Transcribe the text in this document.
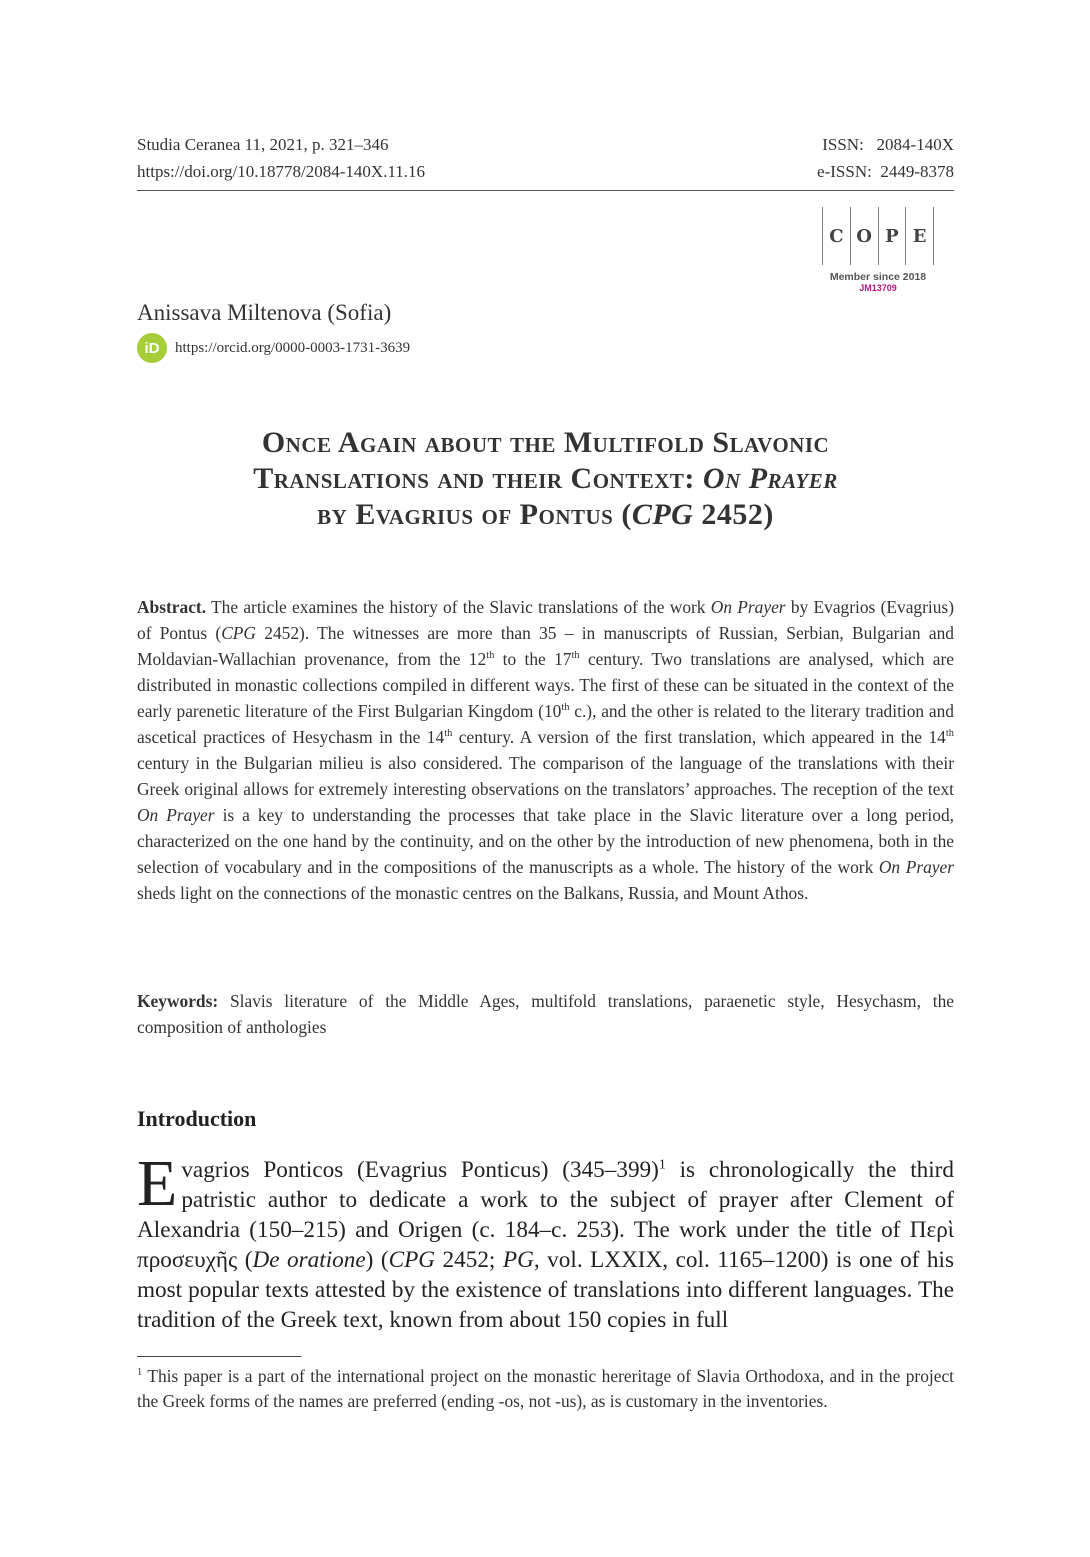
Studia Ceranea 11, 2021, p. 321–346
https://doi.org/10.18778/2084-140X.11.16
ISSN:   2084-140X
e-ISSN:  2449-8378
C O P E
Member since 2018
JM13709
Anissava Miltenova (Sofia)
iD	https://orcid.org/0000-0003-1731-3639
Once Again about the Multifold Slavonic
Translations and their Context: On Prayer
by Evagrius of Pontus (CPG 2452)
Abstract. The article examines the history of the Slavic translations of the work On Prayer by Evagrios (Evagrius) of Pontus (CPG 2452). The witnesses are more than 35 – in manuscripts of Russian, Serbian, Bulgarian and Moldavian-Wallachian provenance, from the 12th to the 17th century. Two translations are analysed, which are distributed in monastic collections compiled in different ways. The first of these can be situated in the context of the early parenetic literature of the First Bulgarian Kingdom (10th c.), and the other is related to the literary tradition and ascetical practices of Hesychasm in the 14th century. A version of the first translation, which appeared in the 14th century in the Bulgarian milieu is also considered. The comparison of the language of the translations with their Greek original allows for extremely interesting observations on the translators’ approaches. The reception of the text On Prayer is a key to understanding the processes that take place in the Slavic literature over a long period, characterized on the one hand by the continuity, and on the other by the introduction of new phenomena, both in the selection of vocabulary and in the compositions of the manuscripts as a whole. The history of the work On Prayer sheds light on the connections of the monastic centres on the Balkans, Russia, and Mount Athos.
Keywords: Slavis literature of the Middle Ages, multifold translations, paraenetic style, Hesychasm, the composition of anthologies
Introduction
Evagrios Ponticos (Evagrius Ponticus) $(345-399)^1$ is chronologically the third patristic author to dedicate a work to the subject of prayer after Clement of Alexandria (150–215) and Origen (c. 184–c. 253). The work under the title of Περὶ προσευχῆς (De oratione) (CPG 2452; PG, vol. LXXIX, col. 1165–1200) is one of his most popular texts attested by the existence of translations into different languages. The tradition of the Greek text, known from about 150 copies in full
$^1$ This paper is a part of the international project on the monastic hereritage of Slavia Orthodoxa, and in the project the Greek forms of the names are preferred (ending -os, not -us), as is customary in the inventories.
